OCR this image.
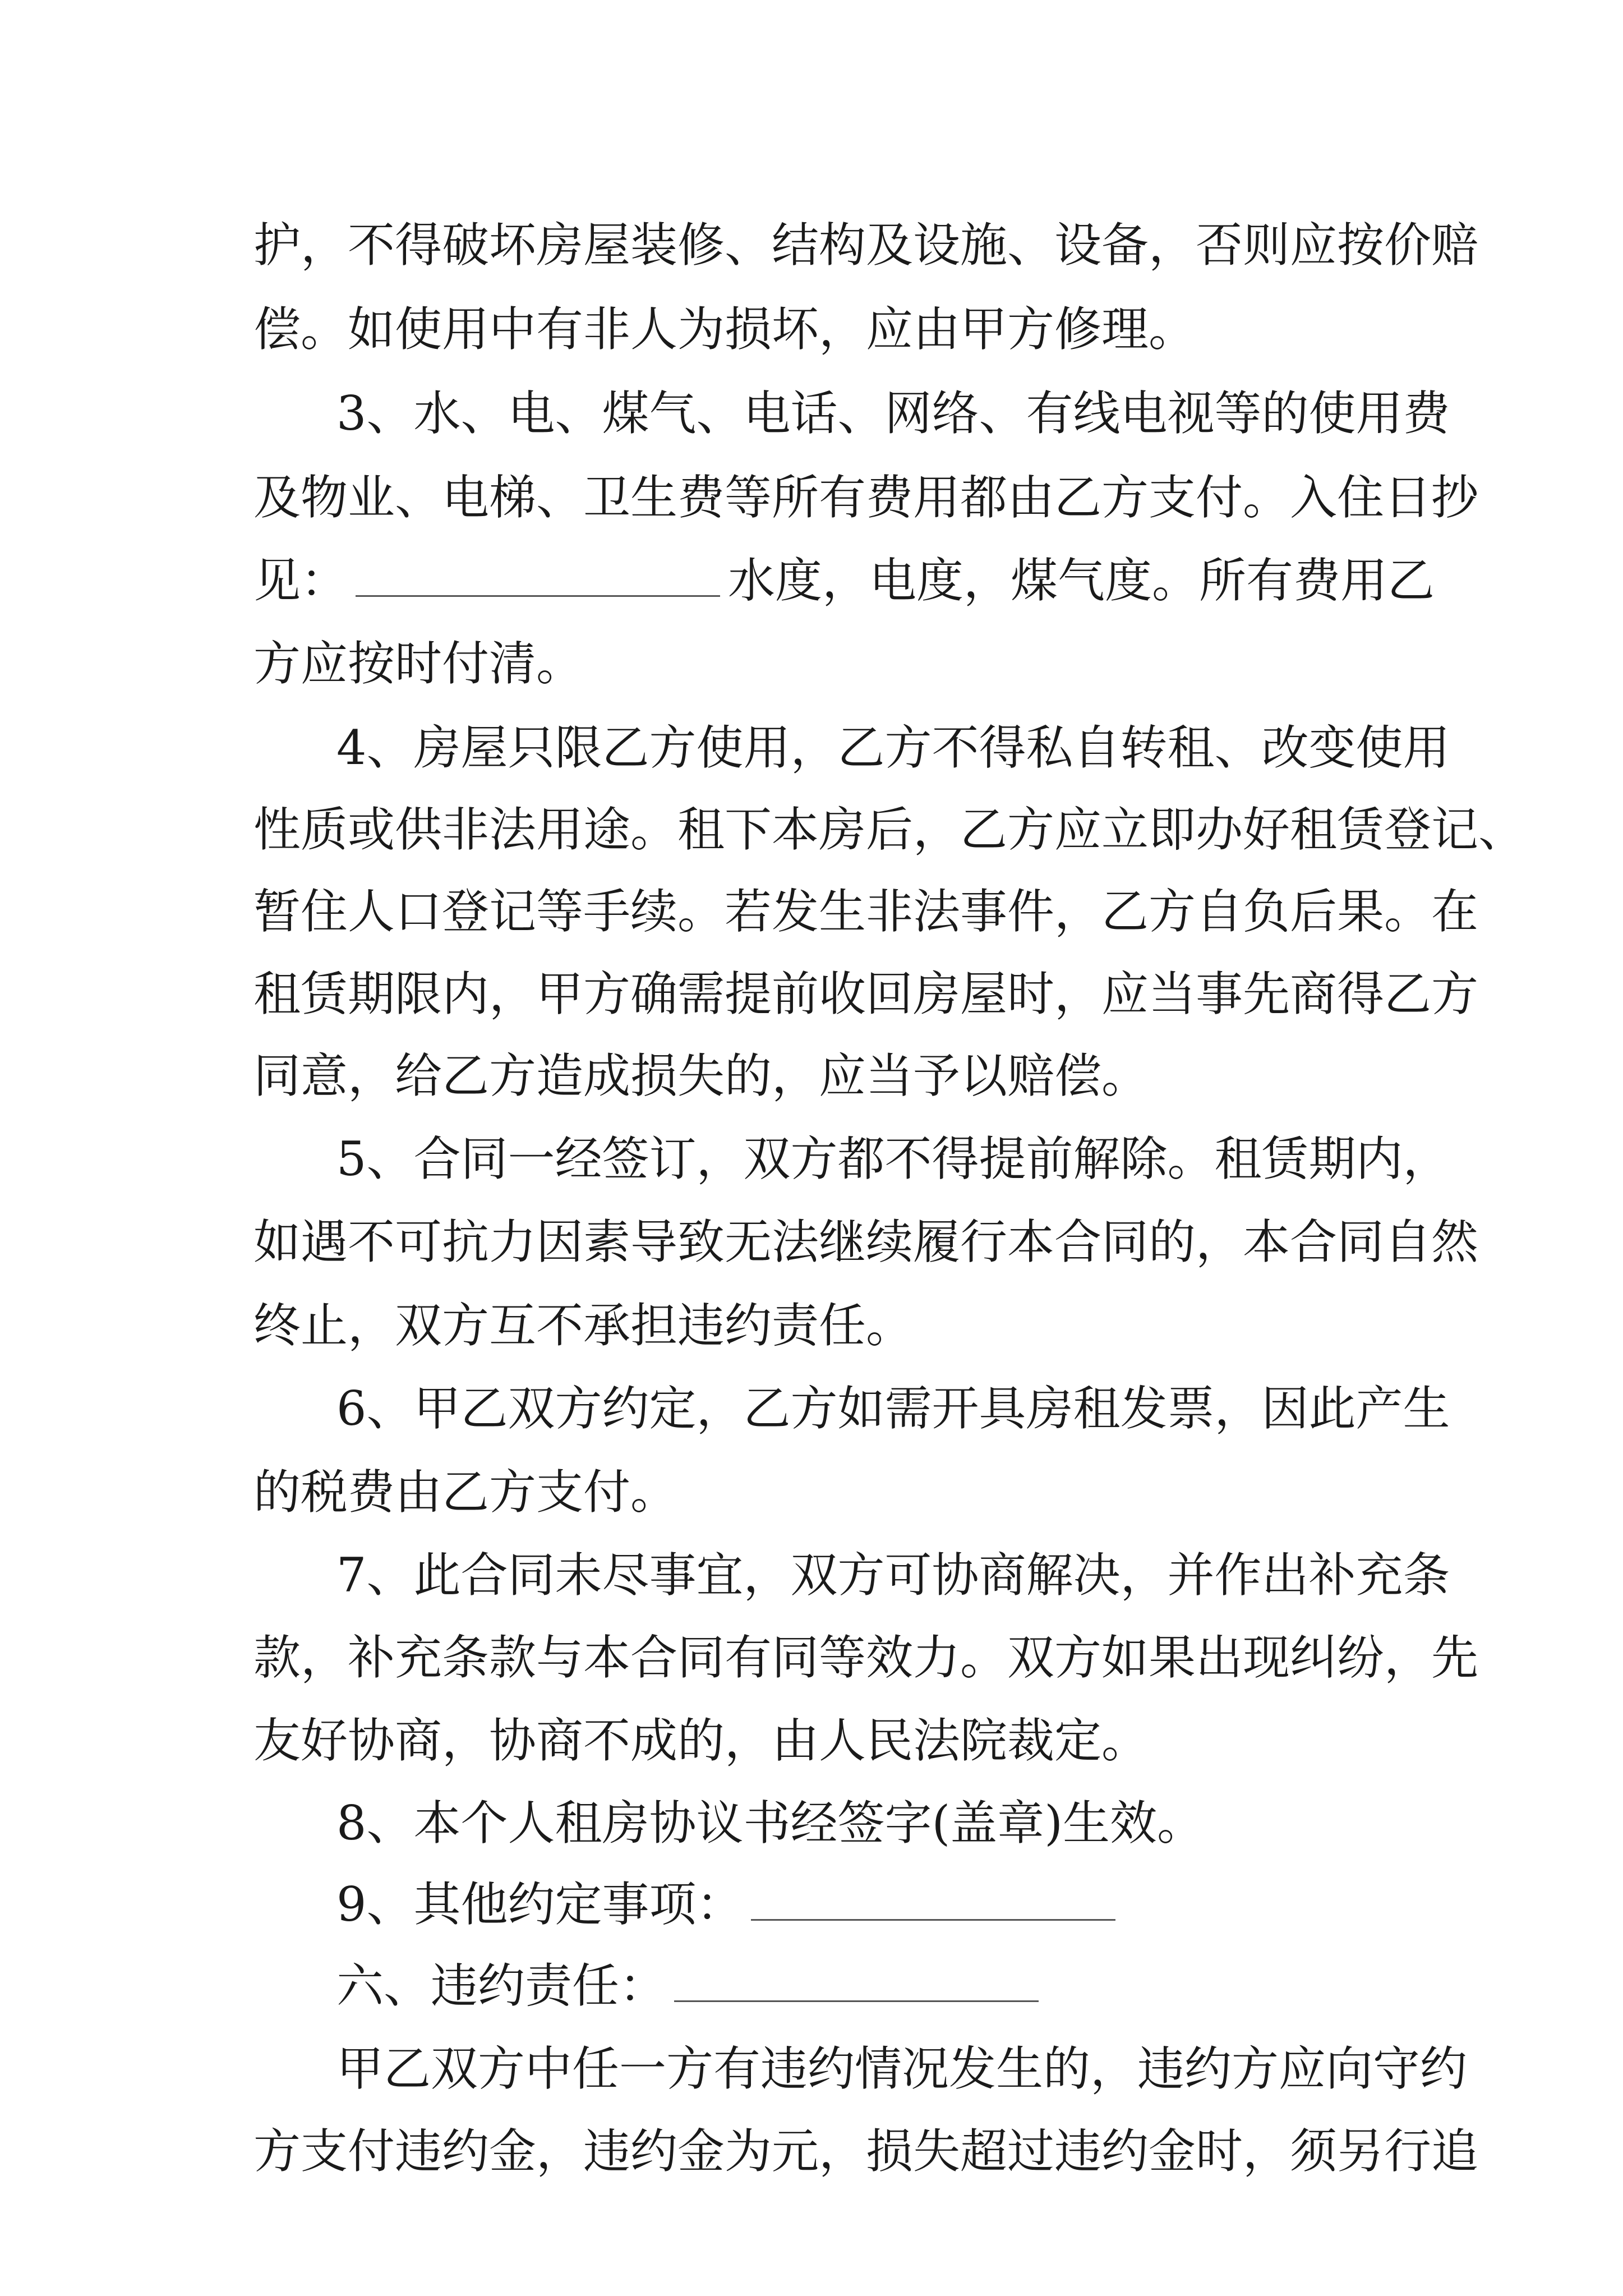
护，不得破坏房屋装修、结构及设施、设备，否则应按价赔

偿。如使用中有非人为损坏，应由甲方修理。

3、水、电、煤气、电话、网络、有线电视等的使用费

及物业、电梯、卫生费等所有费用都由乙方支付。入住日抄

见：	水度，电度，煤气度。所有费用乙

方应按时付清。

4、房屋只限乙方使用，乙方不得私自转租、改变使用

性质或供非法用途。租下本房后，乙方应立即办好租赁登记、

暂住人口登记等手续。若发生非法事件，乙方自负后果。在

租赁期限内，甲方确需提前收回房屋时，应当事先商得乙方

同意，给乙方造成损失的，应当予以赔偿。

5、合同一经签订，双方都不得提前解除。租赁期内，

如遇不可抗力因素导致无法继续履行本合同的，本合同自然

终止，双方互不承担违约责任。

6、甲乙双方约定，乙方如需开具房租发票，因此产生

的税费由乙方支付。

7、此合同未尽事宜，双方可协商解决，并作出补充条

款，补充条款与本合同有同等效力。双方如果出现纠纷，先

友好协商，协商不成的，由人民法院裁定。

8、本个人租房协议书经签字(盖章)生效。

9、其他约定事项：

六、违约责任：

甲乙双方中任一方有违约情况发生的，违约方应向守约

方支付违约金，违约金为元，损失超过违约金时，须另行追
